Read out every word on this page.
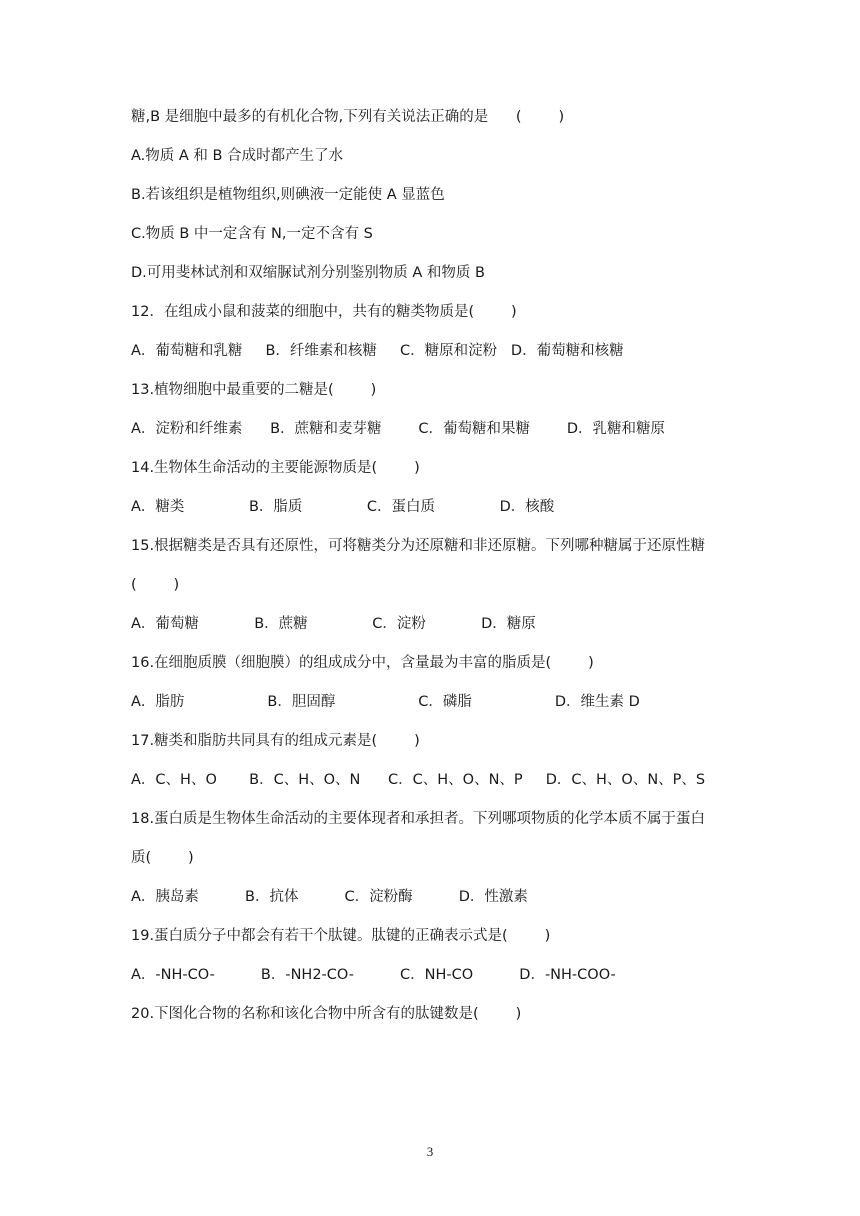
糖,B 是细胞中最多的有机化合物,下列有关说法正确的是      (        )
A.物质 A 和 B 合成时都产生了水
B.若该组织是植物组织,则碘液一定能使 A 显蓝色
C.物质 B 中一定含有 N,一定不含有 S
D.可用斐林试剂和双缩脲试剂分别鉴别物质 A 和物质 B
12．在组成小鼠和菠菜的细胞中，共有的糖类物质是(        )
A．葡萄糖和乳糖     B．纤维素和核糖     C．糖原和淀粉   D．葡萄糖和核糖
13.植物细胞中最重要的二糖是(        )
A．淀粉和纤维素      B．蔗糖和麦芽糖        C．葡萄糖和果糖        D．乳糖和糖原
14.生物体生命活动的主要能源物质是(        )
A．糖类              B．脂质              C．蛋白质              D．核酸
15.根据糖类是否具有还原性，可将糖类分为还原糖和非还原糖。下列哪种糖属于还原性糖
(        )
A．葡萄糖            B．蔗糖              C．淀粉            D．糖原
16.在细胞质膜（细胞膜）的组成成分中，含量最为丰富的脂质是(        )
A．脂肪                  B．胆固醇                  C．磷脂                  D．维生素 D
17.糖类和脂肪共同具有的组成元素是(        )
A．C、H、O       B．C、H、O、N      C．C、H、O、N、P     D．C、H、O、N、P、S
18.蛋白质是生物体生命活动的主要体现者和承担者。下列哪项物质的化学本质不属于蛋白
质(        )
A．胰岛素          B．抗体          C．淀粉酶          D．性激素
19.蛋白质分子中都会有若干个肽键。肽键的正确表示式是(        )
A．-NH-CO-          B．-NH2-CO-          C．NH-CO          D．-NH-COO-
20.下图化合物的名称和该化合物中所含有的肽键数是(        )
3
